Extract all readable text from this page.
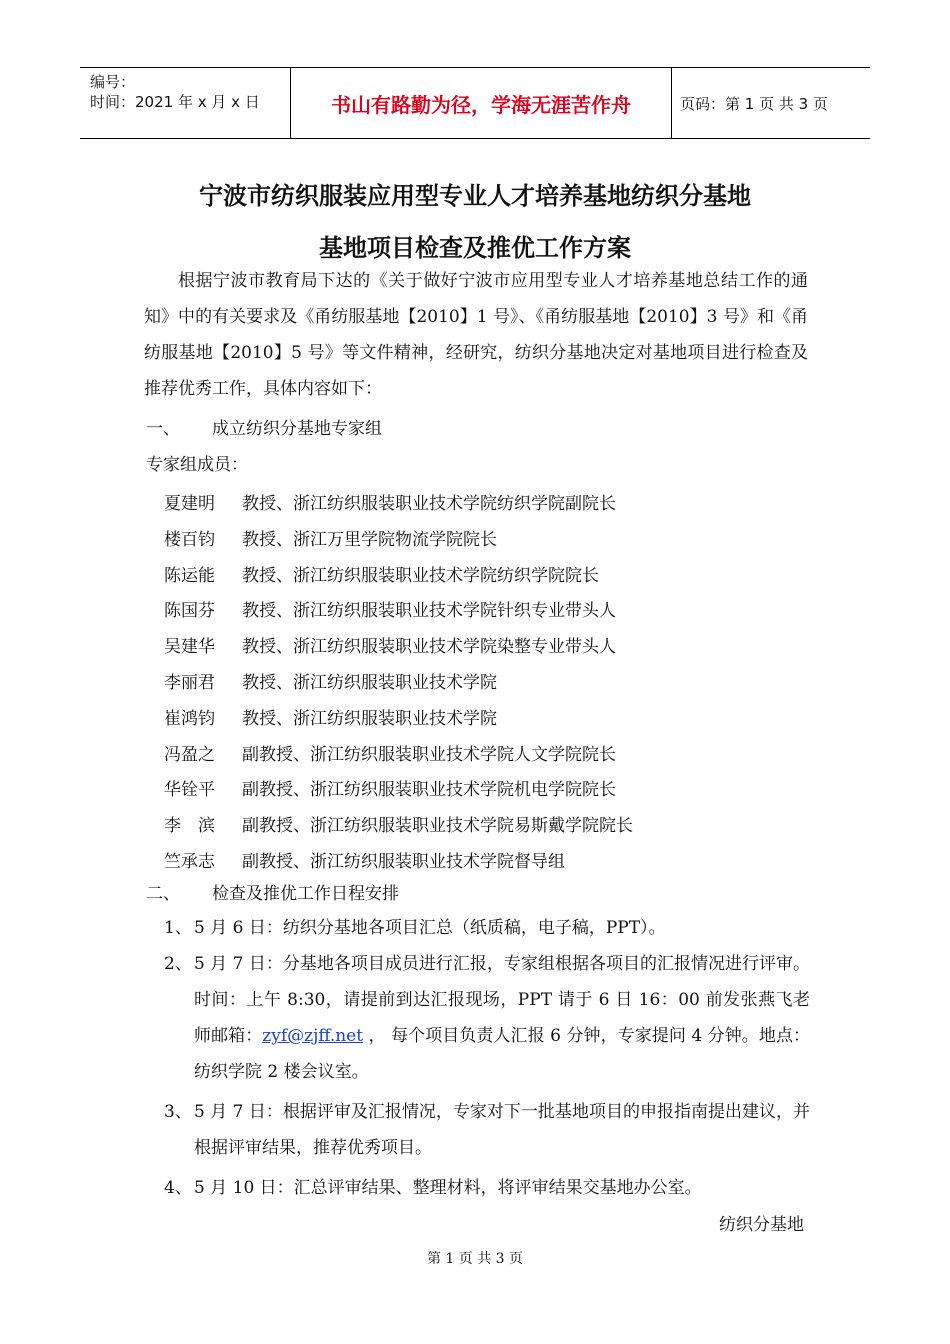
编号：
时间：2021 年 x 月 x 日	书山有路勤为径，学海无涯苦作舟	页码：第 1 页 共 3 页
宁波市纺织服装应用型专业人才培养基地纺织分基地
基地项目检查及推优工作方案
根据宁波市教育局下达的《关于做好宁波市应用型专业人才培养基地总结工作的通知》中的有关要求及《甬纺服基地【2010】1 号》、《甬纺服基地【2010】3 号》和《甬纺服基地【2010】5 号》等文件精神，经研究，纺织分基地决定对基地项目进行检查及推荐优秀工作，具体内容如下：
一、 成立纺织分基地专家组
专家组成员：
夏建明 教授、浙江纺织服装职业技术学院纺织学院副院长
楼百钧 教授、浙江万里学院物流学院院长
陈运能 教授、浙江纺织服装职业技术学院纺织学院院长
陈国芬 教授、浙江纺织服装职业技术学院针织专业带头人
吴建华 教授、浙江纺织服装职业技术学院染整专业带头人
李丽君 教授、浙江纺织服装职业技术学院
崔鸿钧 教授、浙江纺织服装职业技术学院
冯盈之 副教授、浙江纺织服装职业技术学院人文学院院长
华铨平 副教授、浙江纺织服装职业技术学院机电学院院长
李　滨 副教授、浙江纺织服装职业技术学院易斯戴学院院长
竺承志 副教授、浙江纺织服装职业技术学院督导组
二、 检查及推优工作日程安排
1、 5 月 6 日：纺织分基地各项目汇总（纸质稿，电子稿，PPT）。
2、 5 月 7 日：分基地各项目成员进行汇报，专家组根据各项目的汇报情况进行评审。时间：上午 8:30，请提前到达汇报现场，PPT 请于 6 日 16：00 前发张燕飞老师邮箱：zyf@zjff.net ， 每个项目负责人汇报 6 分钟，专家提问 4 分钟。地点：纺织学院 2 楼会议室。
3、 5 月 7 日：根据评审及汇报情况，专家对下一批基地项目的申报指南提出建议，并根据评审结果，推荐优秀项目。
4、 5 月 10 日：汇总评审结果、整理材料，将评审结果交基地办公室。
纺织分基地
第 1 页 共 3 页
